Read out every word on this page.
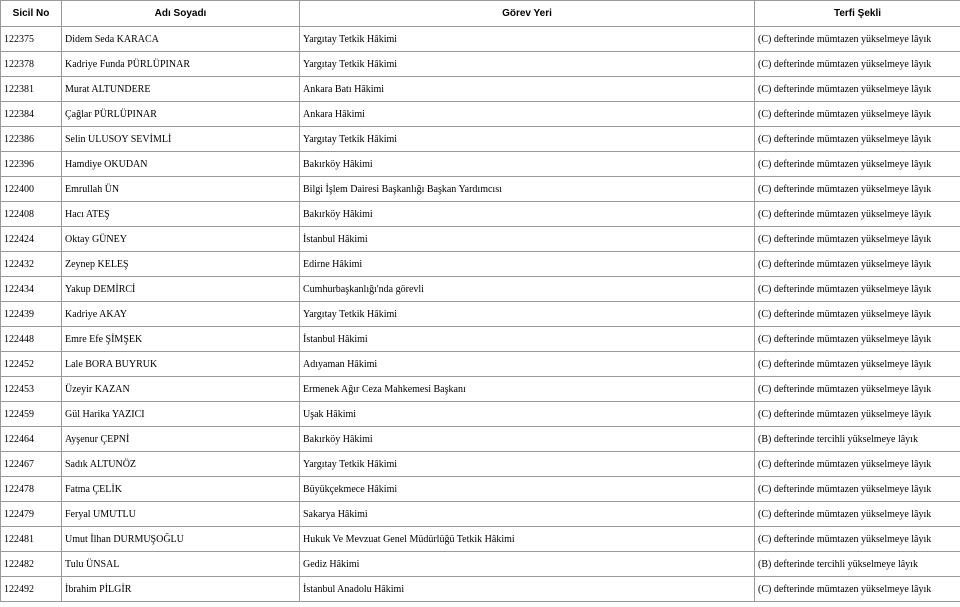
Sicil No	Adı Soyadı	Görev Yeri	Terfi Şekli
122375	Didem Seda KARACA	Yargıtay Tetkik Hâkimi	(C) defterinde mümtazen yükselmeye lâyık
122378	Kadriye Funda PÜRLÜPINAR	Yargıtay Tetkik Hâkimi	(C) defterinde mümtazen yükselmeye lâyık
122381	Murat ALTUNDERE	Ankara Batı Hâkimi	(C) defterinde mümtazen yükselmeye lâyık
122384	Çağlar PÜRLÜPINAR	Ankara Hâkimi	(C) defterinde mümtazen yükselmeye lâyık
122386	Selin ULUSOY SEVİMLİ	Yargıtay Tetkik Hâkimi	(C) defterinde mümtazen yükselmeye lâyık
122396	Hamdiye OKUDAN	Bakırköy Hâkimi	(C) defterinde mümtazen yükselmeye lâyık
122400	Emrullah ÜN	Bilgi İşlem Dairesi Başkanlığı Başkan Yardımcısı	(C) defterinde mümtazen yükselmeye lâyık
122408	Hacı ATEŞ	Bakırköy Hâkimi	(C) defterinde mümtazen yükselmeye lâyık
122424	Oktay GÜNEY	İstanbul Hâkimi	(C) defterinde mümtazen yükselmeye lâyık
122432	Zeynep KELEŞ	Edirne Hâkimi	(C) defterinde mümtazen yükselmeye lâyık
122434	Yakup DEMİRCİ	Cumhurbaşkanlığı'nda görevli	(C) defterinde mümtazen yükselmeye lâyık
122439	Kadriye AKAY	Yargıtay Tetkik Hâkimi	(C) defterinde mümtazen yükselmeye lâyık
122448	Emre Efe ŞİMŞEK	İstanbul Hâkimi	(C) defterinde mümtazen yükselmeye lâyık
122452	Lale BORA BUYRUK	Adıyaman Hâkimi	(C) defterinde mümtazen yükselmeye lâyık
122453	Üzeyir KAZAN	Ermenek Ağır Ceza Mahkemesi Başkanı	(C) defterinde mümtazen yükselmeye lâyık
122459	Gül Harika YAZICI	Uşak Hâkimi	(C) defterinde mümtazen yükselmeye lâyık
122464	Ayşenur ÇEPNİ	Bakırköy Hâkimi	(B) defterinde tercihli yükselmeye lâyık
122467	Sadık ALTUNÖZ	Yargıtay Tetkik Hâkimi	(C) defterinde mümtazen yükselmeye lâyık
122478	Fatma ÇELİK	Büyükçekmece Hâkimi	(C) defterinde mümtazen yükselmeye lâyık
122479	Feryal UMUTLU	Sakarya Hâkimi	(C) defterinde mümtazen yükselmeye lâyık
122481	Umut İlhan DURMUŞOĞLU	Hukuk Ve Mevzuat Genel Müdürlüğü Tetkik Hâkimi	(C) defterinde mümtazen yükselmeye lâyık
122482	Tulu ÜNSAL	Gediz Hâkimi	(B) defterinde tercihli yükselmeye lâyık
122492	İbrahim PİLGİR	İstanbul Anadolu Hâkimi	(C) defterinde mümtazen yükselmeye lâyık
